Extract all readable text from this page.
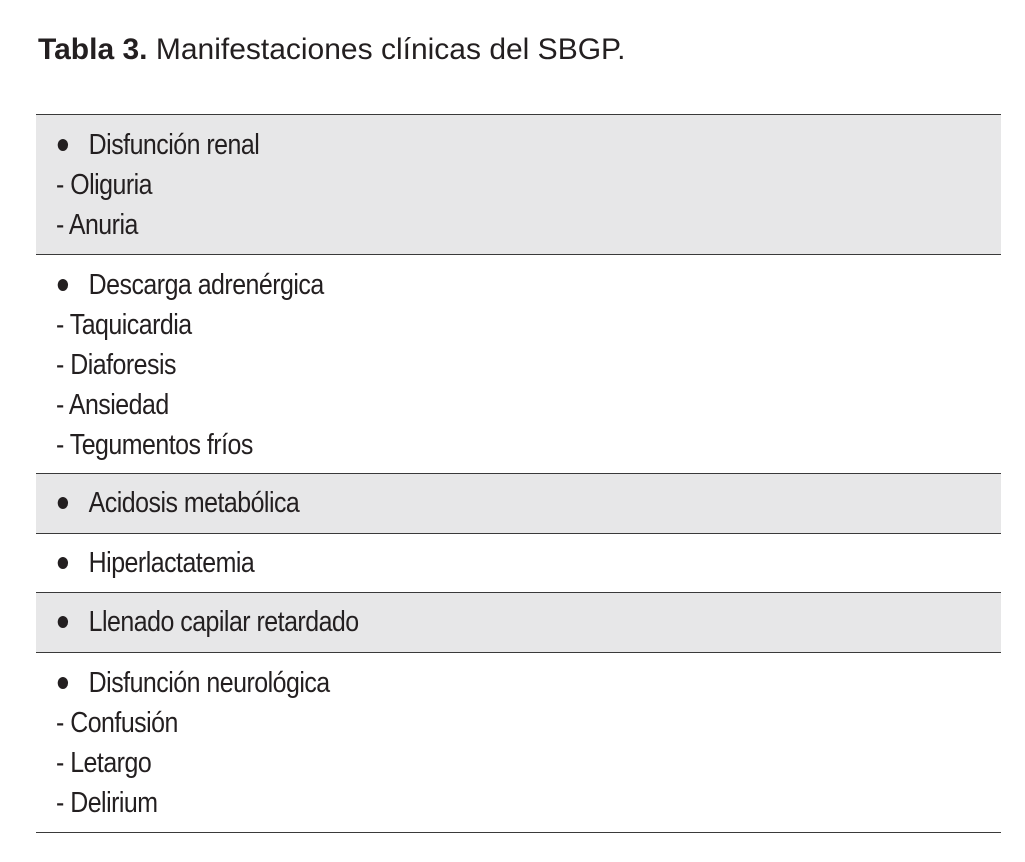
Tabla 3. Manifestaciones clínicas del SBGP.
Disfunción renal
- Oliguria
- Anuria
Descarga adrenérgica
- Taquicardia
- Diaforesis
- Ansiedad
- Tegumentos fríos
Acidosis metabólica
Hiperlactatemia
Llenado capilar retardado
Disfunción neurológica
- Confusión
- Letargo
- Delirium
